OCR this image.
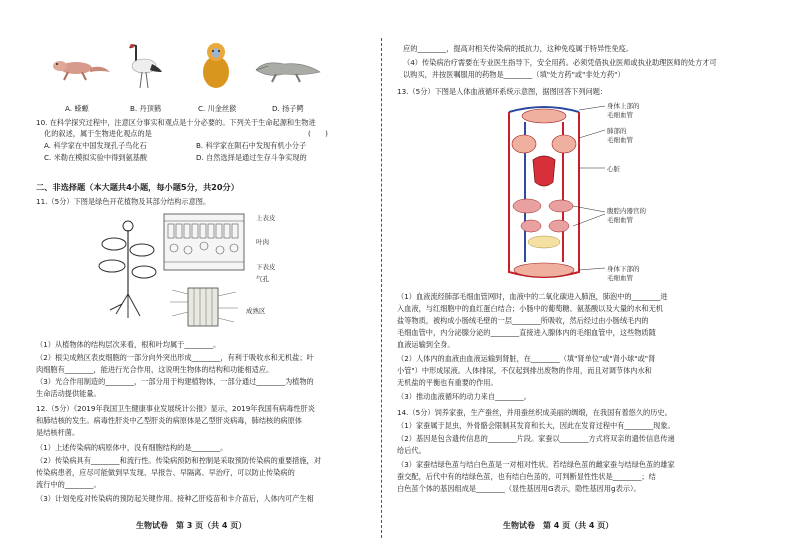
A. 蝾螈	B. 丹顶鹤	C. 川金丝猴	D. 扬子鳄
10. 在科学探究过程中，注意区分事实和观点是十分必要的。下列关于生命起源和生物进
化的叙述，属于生物进化观点的是	(　　)
A. 科学家在中国发现孔子鸟化石	B. 科学家在陨石中发现有机小分子
C. 米勒在模拟实验中得到氨基酸	D. 自然选择是通过生存斗争实现的
二、非选择题（本大题共4小题，每小题5分，共20分）
11.（5分）下图是绿色开花植物及其部分结构示意图。
上表皮
叶肉
下表皮
气孔
成熟区
（1）从植物体的结构层次来看，根和叶均属于________。
（2）根尖成熟区表皮细胞的一部分向外突出形成________，有利于吸收水和无机盐；叶
肉细胞有________，能进行光合作用，这说明生物体的结构和功能相适应。
（3）光合作用制造的________，一部分用于构建植物体，一部分通过________为植物的
生命活动提供能量。
12.（5分）《2019年我国卫生健康事业发展统计公报》显示，2019年我国有病毒性肝炎
和肺结核的发生。病毒性肝炎中乙型肝炎的病原体是乙型肝炎病毒，肺结核的病原体
是结核杆菌。
（1）上述传染病的病原体中，没有细胞结构的是________。
（2）传染病具有________和流行性。传染病预防和控制是采取预防传染病的重要措施，对
传染病患者，应尽可能做到早发现、早报告、早隔离、早治疗，可以防止传染病的
流行中的________。
（3）计划免疫对传染病的预防起关键作用。接种乙肝疫苗和卡介苗后，人体内可产生相
生物试卷　第 3 页（共 4 页）
应的________，提高对相关传染病的抵抗力，这种免疫属于特异性免疫。
（4）传染病治疗需要在专业医生指导下，安全用药。必须凭借执业医师或执业助理医师的处方才可
以购买，并按医嘱服用的药物是________（填"处方药"或"非处方药"）
13.（5分）下图是人体血液循环系统示意图，据图回答下列问题：
身体上部的
毛细血管
肺部的
毛细血管
心脏
腹腔内器官的
毛细血管
身体下部的
毛细血管
（1）血液流经肺部毛细血管网时，血液中的二氧化碳进入肺泡，肺泡中的________进
入血液，与红细胞中的血红蛋白结合；小肠中的葡萄糖、氨基酸以及大量的水和无机
盐等物质，被构成小肠绒毛壁的一层________所吸收，然后经过由小肠绒毛内的
毛细血管中，内分泌腺分泌的________直接进入腺体内的毛细血管中，这些物质随
血液运输到全身。
（2）人体内的血液由血液运输到肾脏，在________（填"肾单位"或"肾小球"或"肾
小管"）中形成尿液。人体排尿，不仅起到排出废物的作用，而且对调节体内水和
无机盐的平衡也有重要的作用。
（3）推动血液循环的动力来自________。
14.（5分）饲养家蚕，生产蚕丝，并用蚕丝织成美丽的绸缎，在我国有着悠久的历史。
（1）家蚕属于昆虫，外骨骼会限制其发育和长大，因此在发育过程中有________现象。
（2）基因是包含遗传信息的________片段。家蚕以________方式将双亲的遗传信息传递
给后代。
（3）家蚕结绿色茧与结白色茧是一对相对性状。若结绿色茧的雌家蚕与结绿色茧的雄家
蚕交配，后代中有的结绿色茧，也有结白色茧的，可判断显性性状是________；结
白色茧个体的基因组成是________（显性基因用G表示，隐性基因用g表示）。
生物试卷　第 4 页（共 4 页）
